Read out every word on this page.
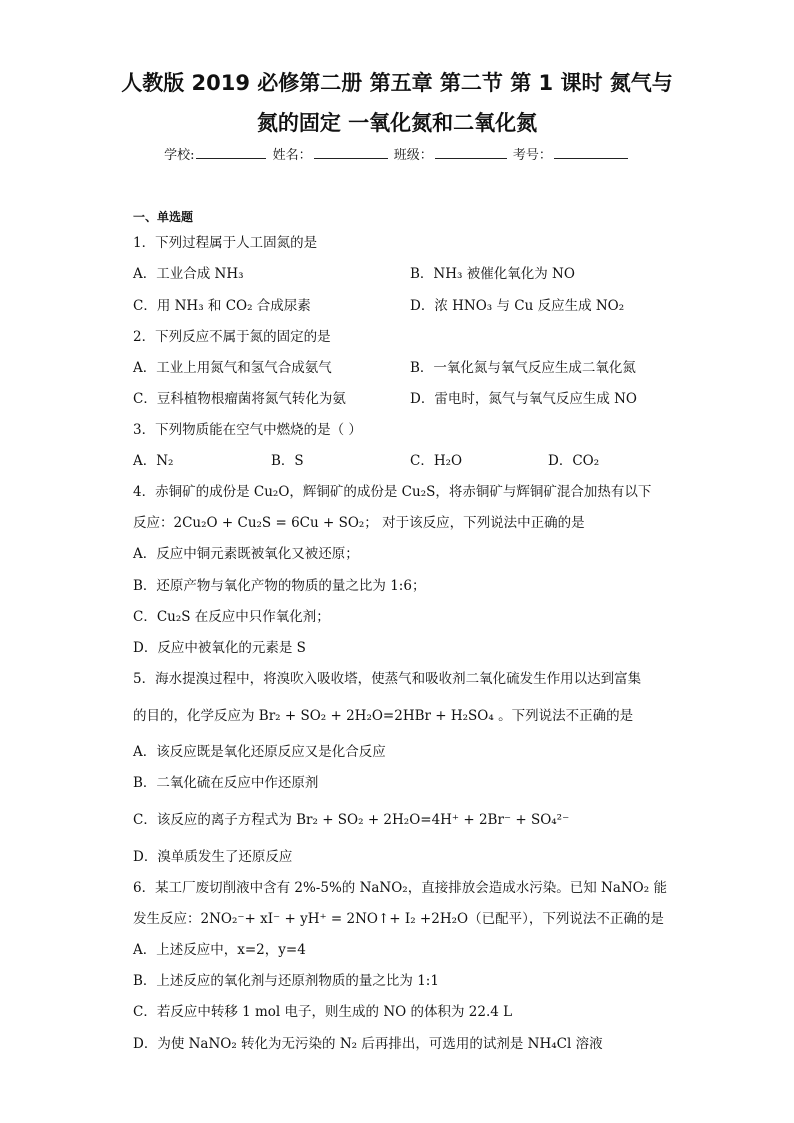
人教版 2019 必修第二册 第五章 第二节 第 1 课时 氮气与
氮的固定 一氧化氮和二氧化氮
学校:	姓名：	班级：	考号：
一、单选题
1．下列过程属于人工固氮的是
A．工业合成 NH₃	B．NH₃ 被催化氧化为 NO
C．用 NH₃ 和 CO₂ 合成尿素	D．浓 HNO₃ 与 Cu 反应生成 NO₂
2．下列反应不属于氮的固定的是
A．工业上用氮气和氢气合成氨气	B．一氧化氮与氧气反应生成二氧化氮
C．豆科植物根瘤菌将氮气转化为氨	D．雷电时，氮气与氧气反应生成 NO
3．下列物质能在空气中燃烧的是（ ）
A．N₂	B．S	C．H₂O	D．CO₂
4．赤铜矿的成份是 Cu₂O，辉铜矿的成份是 Cu₂S，将赤铜矿与辉铜矿混合加热有以下
反应：2Cu₂O + Cu₂S = 6Cu + SO₂； 对于该反应，下列说法中正确的是
A．反应中铜元素既被氧化又被还原；
B．还原产物与氧化产物的物质的量之比为 1:6；
C．Cu₂S 在反应中只作氧化剂；
D．反应中被氧化的元素是 S
5．海水提溴过程中，将溴吹入吸收塔，使蒸气和吸收剂二氧化硫发生作用以达到富集
的目的，化学反应为 Br₂ + SO₂ + 2H₂O=2HBr + H₂SO₄ 。下列说法不正确的是
A．该反应既是氧化还原反应又是化合反应
B．二氧化硫在反应中作还原剂
C．该反应的离子方程式为 Br₂ + SO₂ + 2H₂O=4H⁺ + 2Br⁻ + SO₄²⁻
D．溴单质发生了还原反应
6．某工厂废切削液中含有 2%-5%的 NaNO₂，直接排放会造成水污染。已知 NaNO₂ 能
发生反应：2NO₂⁻+ xI⁻ + yH⁺ = 2NO↑+ I₂ +2H₂O（已配平），下列说法不正确的是
A．上述反应中，x=2，y=4
B．上述反应的氧化剂与还原剂物质的量之比为 1:1
C．若反应中转移 1 mol 电子，则生成的 NO 的体积为 22.4 L
D．为使 NaNO₂ 转化为无污染的 N₂ 后再排出，可选用的试剂是 NH₄Cl 溶液
